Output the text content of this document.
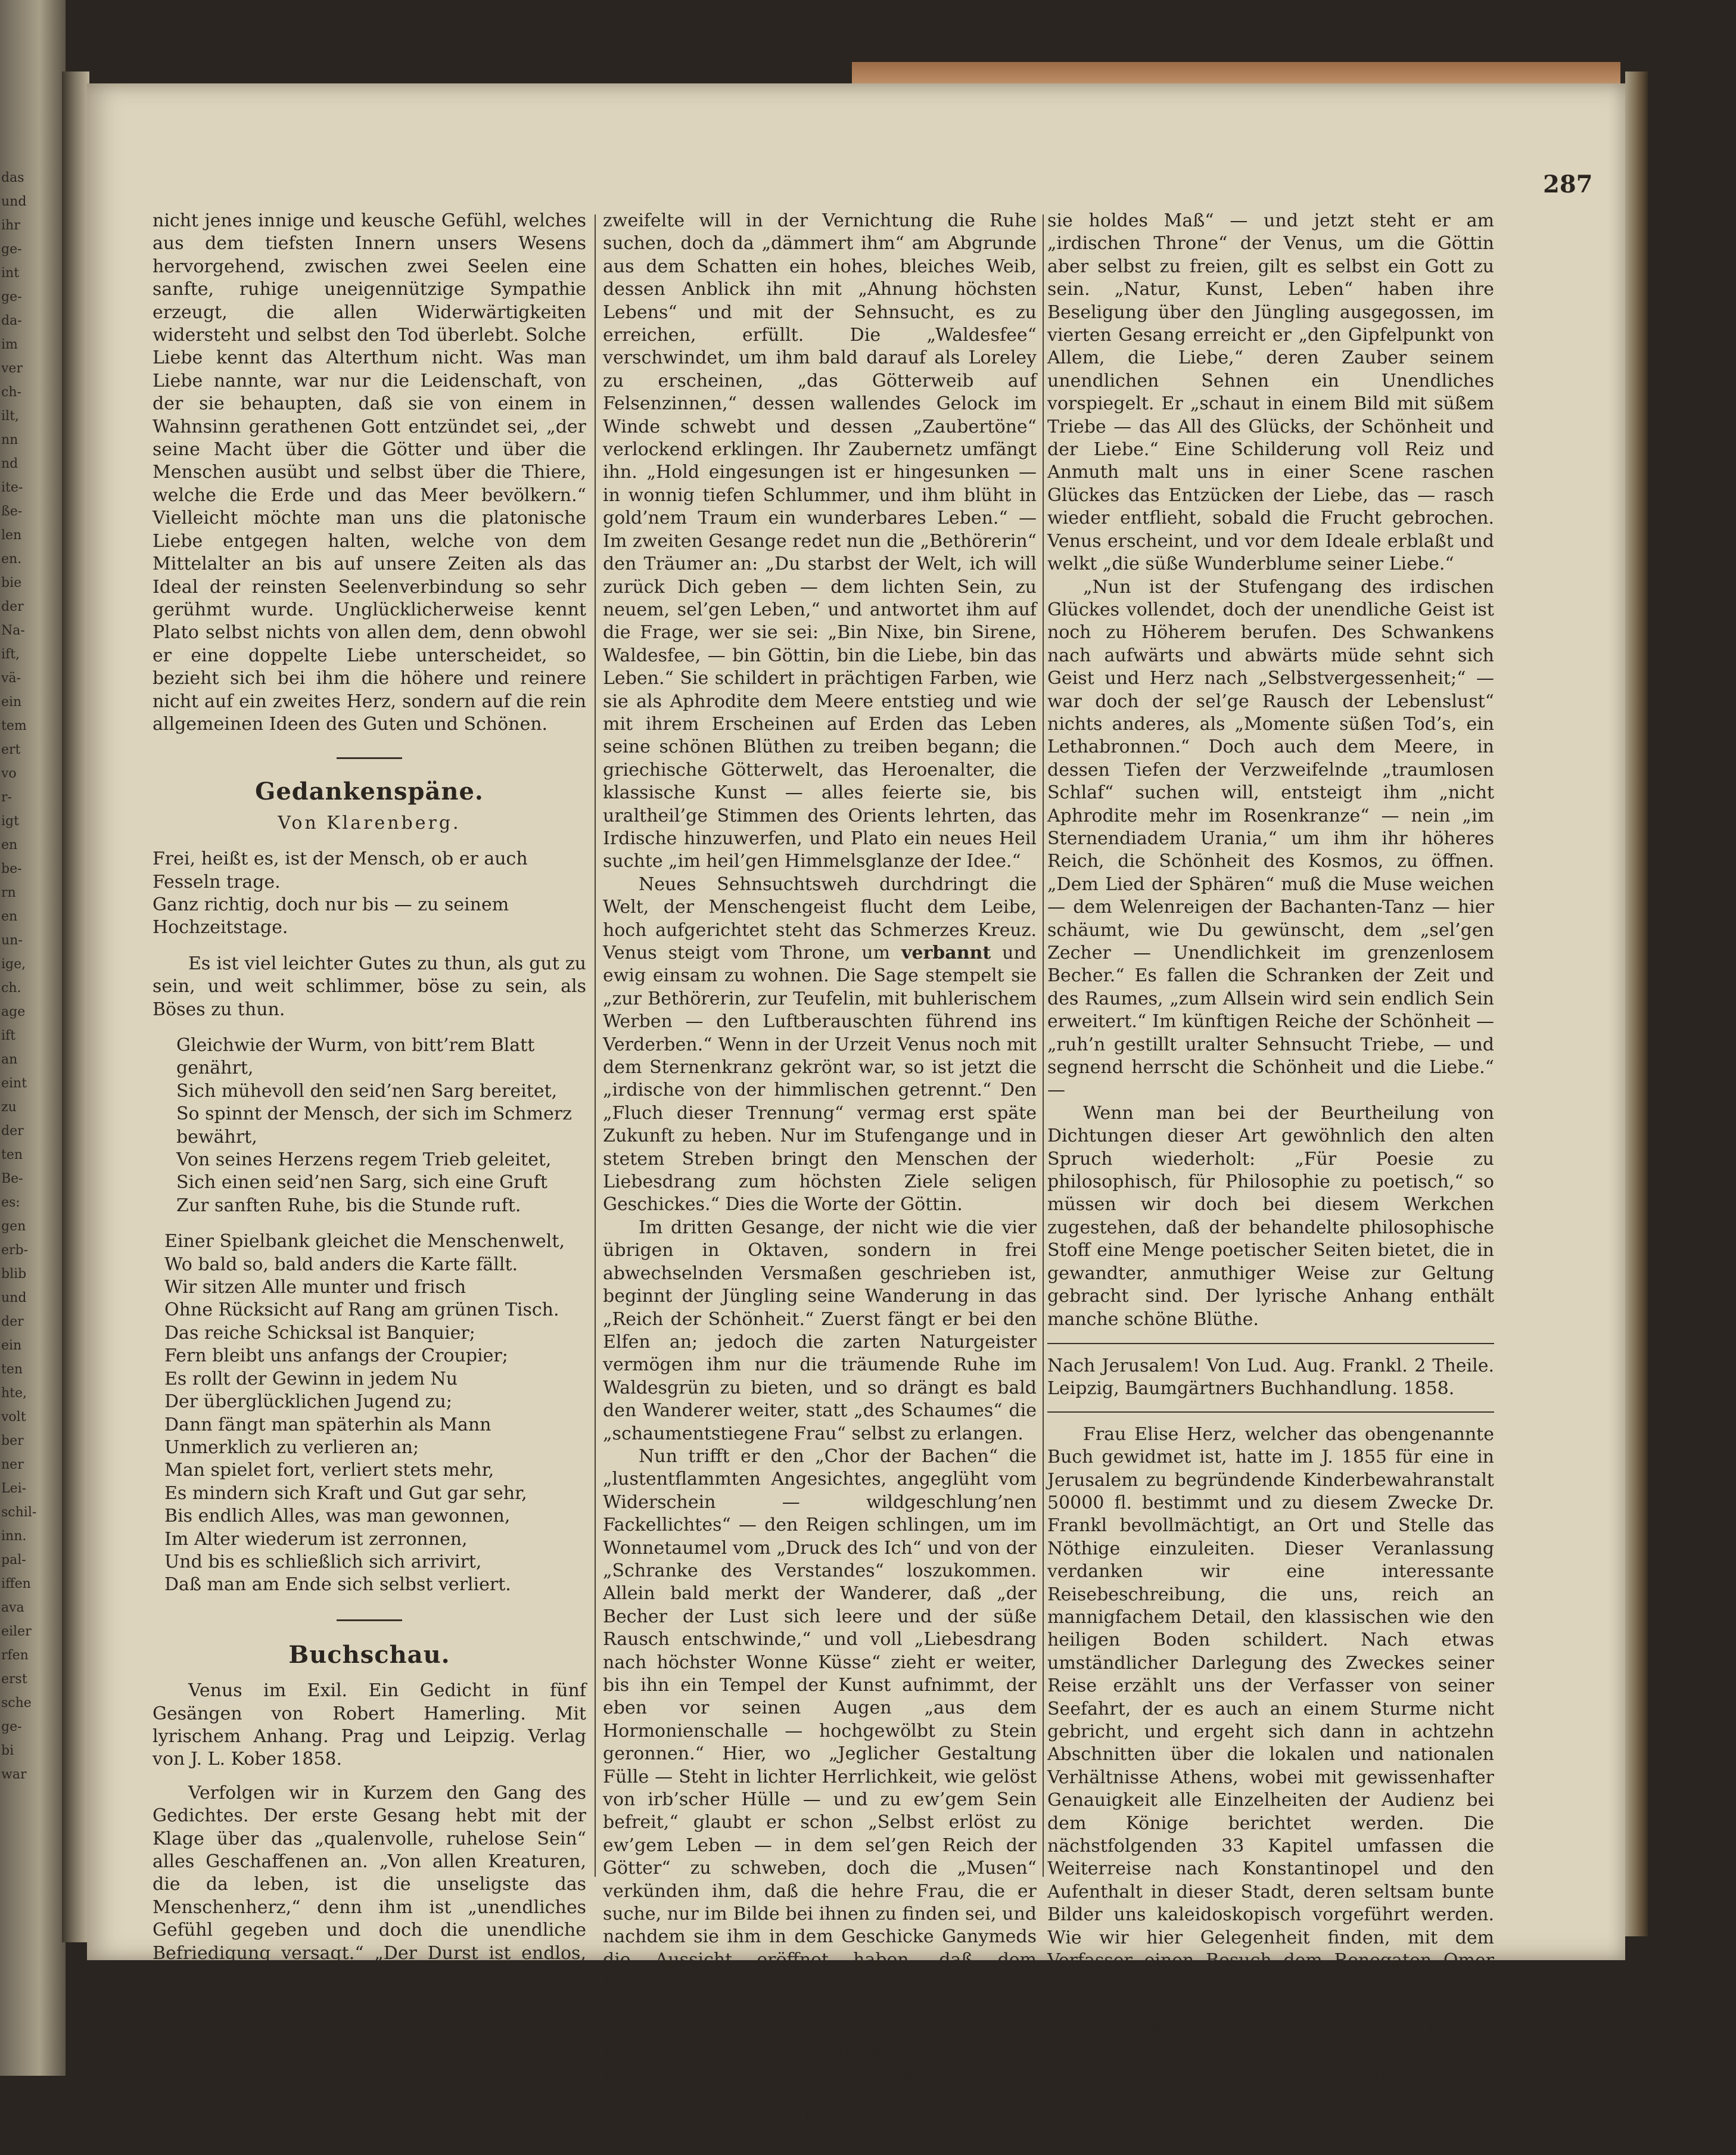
das
und
ihr
ge-
int
ge-
da-
im
ver
ch-
ilt,
nn
nd
ite-
ße-
len
en.
bie
der
Na-
ift,
vä-
ein
tem
ert
vo
r-
igt
en
be-
rn
en
un-
ige,
ch.
age
ift
an
eint
zu
der
ten
Be-
es:
gen
erb-
blib
und
der
ein
ten
hte,
volt
ber
ner
Lei-
schil-
inn.
pal-
iffen
ava
eiler
rfen
erst
sche
ge-
bi
war
287

nicht jenes innige und keusche Gefühl, welches aus dem tiefsten Innern unsers Wesens hervorgehend, zwischen zwei Seelen eine sanfte, ruhige uneigennützige Sympathie erzeugt, die allen Widerwärtigkeiten widersteht und selbst den Tod überlebt. Solche Liebe kennt das Alterthum nicht. Was man Liebe nannte, war nur die Leidenschaft, von der sie behaupten, daß sie von einem in Wahnsinn gerathenen Gott entzündet sei, „der seine Macht über die Götter und über die Menschen ausübt und selbst über die Thiere, welche die Erde und das Meer bevölkern.“ Vielleicht möchte man uns die platonische Liebe entgegen halten, welche von dem Mittelalter an bis auf unsere Zeiten als das Ideal der reinsten Seelenverbindung so sehr gerühmt wurde. Unglücklicherweise kennt Plato selbst nichts von allen dem, denn obwohl er eine doppelte Liebe unterscheidet, so bezieht sich bei ihm die höhere und reinere nicht auf ein zweites Herz, sondern auf die rein allgemeinen Ideen des Guten und Schönen.

Gedankenspäne.

Von Klarenberg.

Frei, heißt es, ist der Mensch, ob er auch Fesseln trage.

Ganz richtig, doch nur bis — zu seinem Hochzeitstage.

Es ist viel leichter Gutes zu thun, als gut zu sein, und weit schlimmer, böse zu sein, als Böses zu thun.

Gleichwie der Wurm, von bitt’rem Blatt genährt,
Sich mühevoll den seid’nen Sarg bereitet,
So spinnt der Mensch, der sich im Schmerz bewährt,
Von seines Herzens regem Trieb geleitet,
Sich einen seid’nen Sarg, sich eine Gruft
Zur sanften Ruhe, bis die Stunde ruft.
Einer Spielbank gleichet die Menschenwelt,
Wo bald so, bald anders die Karte fällt.
Wir sitzen Alle munter und frisch
Ohne Rücksicht auf Rang am grünen Tisch.
Das reiche Schicksal ist Banquier;
Fern bleibt uns anfangs der Croupier;
Es rollt der Gewinn in jedem Nu
Der überglücklichen Jugend zu;
Dann fängt man späterhin als Mann
Unmerklich zu verlieren an;
Man spielet fort, verliert stets mehr,
Es mindern sich Kraft und Gut gar sehr,
Bis endlich Alles, was man gewonnen,
Im Alter wiederum ist zerronnen,
Und bis es schließlich sich arrivirt,
Daß man am Ende sich selbst verliert.

Buchschau.

Venus im Exil. Ein Gedicht in fünf Gesängen von Robert Hamerling. Mit lyrischem Anhang. Prag und Leipzig. Verlag von J. L. Kober 1858.

Verfolgen wir in Kurzem den Gang des Gedichtes. Der erste Gesang hebt mit der Klage über das „qualenvolle, ruhelose Sein“ alles Geschaffenen an. „Von allen Kreaturen, die da leben, ist die unseligste das Menschenherz,“ denn ihm ist „unendliches Gefühl gegeben und doch die unendliche Befriedigung versagt.“ „Der Durst ist endlos, endlich ist der Becher.“ Der Ver-

zweifelte will in der Vernichtung die Ruhe suchen, doch da „dämmert ihm“ am Abgrunde aus dem Schatten ein hohes, bleiches Weib, dessen Anblick ihn mit „Ahnung höchsten Lebens“ und mit der Sehnsucht, es zu erreichen, erfüllt. Die „Waldesfee“ verschwindet, um ihm bald darauf als Loreley zu erscheinen, „das Götterweib auf Felsenzinnen,“ dessen wallendes Gelock im Winde schwebt und dessen „Zaubertöne“ verlockend erklingen. Ihr Zaubernetz umfängt ihn. „Hold eingesungen ist er hingesunken — in wonnig tiefen Schlummer, und ihm blüht in gold’nem Traum ein wunderbares Leben.“ — Im zweiten Gesange redet nun die „Bethörerin“ den Träumer an: „Du starbst der Welt, ich will zurück Dich geben — dem lichten Sein, zu neuem, sel’gen Leben,“ und antwortet ihm auf die Frage, wer sie sei: „Bin Nixe, bin Sirene, Waldesfee, — bin Göttin, bin die Liebe, bin das Leben.“ Sie schildert in prächtigen Farben, wie sie als Aphrodite dem Meere entstieg und wie mit ihrem Erscheinen auf Erden das Leben seine schönen Blüthen zu treiben begann; die griechische Götterwelt, das Heroenalter, die klassische Kunst — alles feierte sie, bis uraltheil’ge Stimmen des Orients lehrten, das Irdische hinzuwerfen, und Plato ein neues Heil suchte „im heil’gen Himmelsglanze der Idee.“

Neues Sehnsuchtsweh durchdringt die Welt, der Menschengeist flucht dem Leibe, hoch aufgerichtet steht das Schmerzes Kreuz. Venus steigt vom Throne, um verbannt und ewig einsam zu wohnen. Die Sage stempelt sie „zur Bethörerin, zur Teufelin, mit buhlerischem Werben — den Luftberauschten führend ins Verderben.“ Wenn in der Urzeit Venus noch mit dem Sternenkranz gekrönt war, so ist jetzt die „irdische von der himmlischen getrennt.“ Den „Fluch dieser Trennung“ vermag erst späte Zukunft zu heben. Nur im Stufengange und in stetem Streben bringt den Menschen der Liebesdrang zum höchsten Ziele seligen Geschickes.“ Dies die Worte der Göttin.

Im dritten Gesange, der nicht wie die vier übrigen in Oktaven, sondern in frei abwechselnden Versmaßen geschrieben ist, beginnt der Jüngling seine Wanderung in das „Reich der Schönheit.“ Zuerst fängt er bei den Elfen an; jedoch die zarten Naturgeister vermögen ihm nur die träumende Ruhe im Waldesgrün zu bieten, und so drängt es bald den Wanderer weiter, statt „des Schaumes“ die „schaumentstiegene Frau“ selbst zu erlangen.

Nun trifft er den „Chor der Bachen“ die „lustentflammten Angesichtes, angeglüht vom Widerschein — wildgeschlung’nen Fackellichtes“ — den Reigen schlingen, um im Wonnetaumel vom „Druck des Ich“ und von der „Schranke des Verstandes“ loszukommen. Allein bald merkt der Wanderer, daß „der Becher der Lust sich leere und der süße Rausch entschwinde,“ und voll „Liebesdrang nach höchster Wonne Küsse“ zieht er weiter, bis ihn ein Tempel der Kunst aufnimmt, der eben vor seinen Augen „aus dem Hormonienschalle — hochgewölbt zu Stein geronnen.“ Hier, wo „Jeglicher Gestaltung Fülle — Steht in lichter Herrlichkeit, wie gelöst von irb’scher Hülle — und zu ew’gem Sein befreit,“ glaubt er schon „Selbst erlöst zu ew’gem Leben — in dem sel’gen Reich der Götter“ zu schweben, doch die „Musen“ verkünden ihm, daß die hehre Frau, die er suche, nur im Bilde bei ihnen zu finden sei, und nachdem sie ihm in dem Geschicke Ganymeds die Aussicht eröffnet haben, daß dem Menschen auch „des Himmels gold’ne Pforten offen steh’n,“ naht er sich beschwingten Schrittes einer neuen Stufe, wo ihn Nymphen, Eroten und Amoretten mit süßer Lockung zur Liebes- und Lebenslust ermuntern. Die „Formenmelodie“ des Frauenleibes wird ihm hier im Schauen klar, — „der Creaturen Schranke — hier ward

sie holdes Maß“ — und jetzt steht er am „irdischen Throne“ der Venus, um die Göttin aber selbst zu freien, gilt es selbst ein Gott zu sein. „Natur, Kunst, Leben“ haben ihre Beseligung über den Jüngling ausgegossen, im vierten Gesang erreicht er „den Gipfelpunkt von Allem, die Liebe,“ deren Zauber seinem unendlichen Sehnen ein Unendliches vorspiegelt. Er „schaut in einem Bild mit süßem Triebe — das All des Glücks, der Schönheit und der Liebe.“ Eine Schilderung voll Reiz und Anmuth malt uns in einer Scene raschen Glückes das Entzücken der Liebe, das — rasch wieder entflieht, sobald die Frucht gebrochen. Venus erscheint, und vor dem Ideale erblaßt und welkt „die süße Wunderblume seiner Liebe.“

„Nun ist der Stufengang des irdischen Glückes vollendet, doch der unendliche Geist ist noch zu Höherem berufen. Des Schwankens nach aufwärts und abwärts müde sehnt sich Geist und Herz nach „Selbstvergessenheit;“ — war doch der sel’ge Rausch der Lebenslust“ nichts anderes, als „Momente süßen Tod’s, ein Lethabronnen.“ Doch auch dem Meere, in dessen Tiefen der Verzweifelnde „traumlosen Schlaf“ suchen will, entsteigt ihm „nicht Aphrodite mehr im Rosenkranze“ — nein „im Sternendiadem Urania,“ um ihm ihr höheres Reich, die Schönheit des Kosmos, zu öffnen. „Dem Lied der Sphären“ muß die Muse weichen — dem Welenreigen der Bachanten-Tanz — hier schäumt, wie Du gewünscht, dem „sel’gen Zecher — Unendlichkeit im grenzenlosem Becher.“ Es fallen die Schranken der Zeit und des Raumes, „zum Allsein wird sein endlich Sein erweitert.“ Im künftigen Reiche der Schönheit — „ruh’n gestillt uralter Sehnsucht Triebe, — und segnend herrscht die Schönheit und die Liebe.“ —

Wenn man bei der Beurtheilung von Dichtungen dieser Art gewöhnlich den alten Spruch wiederholt: „Für Poesie zu philosophisch, für Philosophie zu poetisch,“ so müssen wir doch bei diesem Werkchen zugestehen, daß der behandelte philosophische Stoff eine Menge poetischer Seiten bietet, die in gewandter, anmuthiger Weise zur Geltung gebracht sind. Der lyrische Anhang enthält manche schöne Blüthe.

Nach Jerusalem! Von Lud. Aug. Frankl. 2 Theile. Leipzig, Baumgärtners Buchhandlung. 1858.

Frau Elise Herz, welcher das obengenannte Buch gewidmet ist, hatte im J. 1855 für eine in Jerusalem zu begründende Kinderbewahranstalt 50000 fl. bestimmt und zu diesem Zwecke Dr. Frankl bevollmächtigt, an Ort und Stelle das Nöthige einzuleiten. Dieser Veranlassung verdanken wir eine interessante Reisebeschreibung, die uns, reich an mannigfachem Detail, den klassischen wie den heiligen Boden schildert. Nach etwas umständlicher Darlegung des Zweckes seiner Reise erzählt uns der Verfasser von seiner Seefahrt, der es auch an einem Sturme nicht gebricht, und ergeht sich dann in achtzehn Abschnitten über die lokalen und nationalen Verhältnisse Athens, wobei mit gewissenhafter Genauigkeit alle Einzelheiten der Audienz bei dem Könige berichtet werden. Die nächstfolgenden 33 Kapitel umfassen die Weiterreise nach Konstantinopel und den Aufenthalt in dieser Stadt, deren seltsam bunte Bilder uns kaleidoskopisch vorgeführt werden. Wie wir hier Gelegenheit finden, mit dem Verfasser einen Besuch dem Renegaten Omer Pascha abzustatten, um dem letzteren mehr aufrichtig als rücksichtsvoll die bevorstehende Auflösung der Türkei vorherzusagen, so können wir in einem der folgenden 33 Abschnitte, welche die Reise nach und durch Syrien enthalten, auch in die Häuslichkeit Abd-el-Kadr’s blicken und
